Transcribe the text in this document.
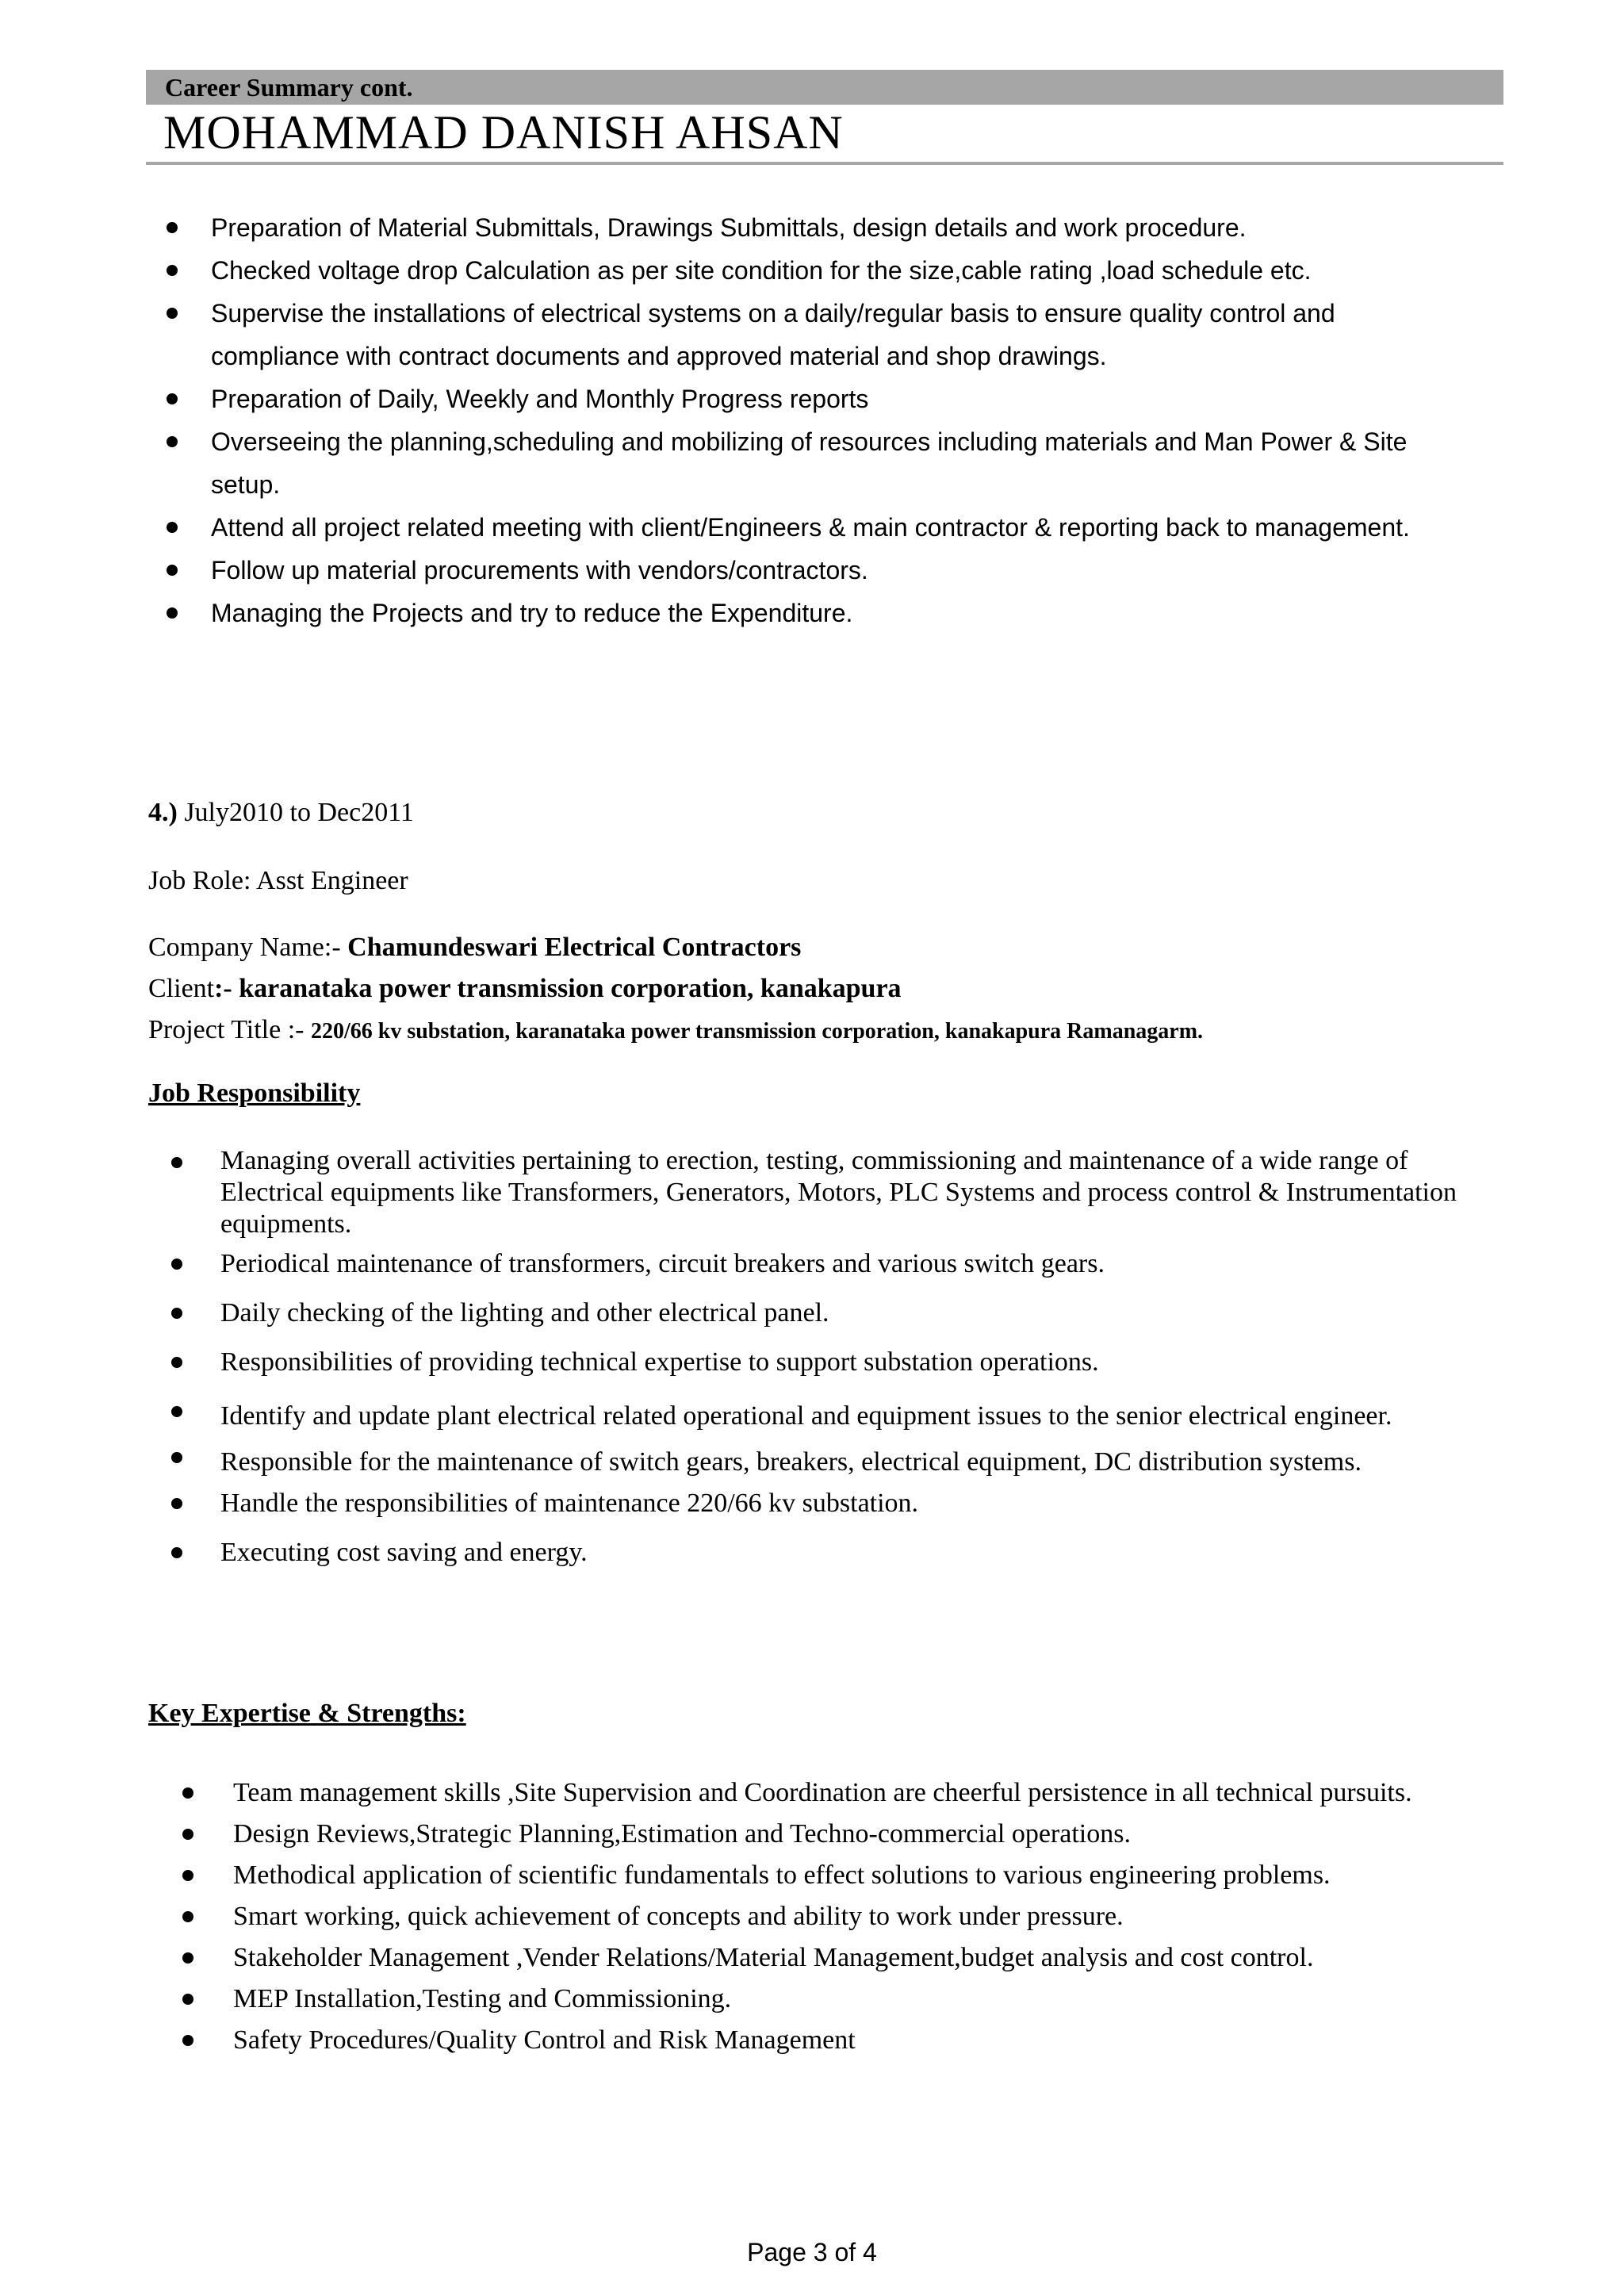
Career Summary cont.
MOHAMMAD DANISH AHSAN
Preparation of Material Submittals, Drawings Submittals, design details and work procedure.
Checked voltage drop Calculation as per site condition for the size,cable rating ,load schedule etc.
Supervise the installations of electrical systems on a daily/regular basis to ensure quality control and compliance with contract documents and approved material and shop drawings.
Preparation of Daily, Weekly and Monthly Progress reports
Overseeing the planning,scheduling and mobilizing of resources including materials and Man Power & Site setup.
Attend all project related meeting with client/Engineers & main contractor & reporting back to management.
Follow up material procurements with vendors/contractors.
Managing the Projects and try to reduce the Expenditure.
4.) July2010 to Dec2011
Job Role: Asst Engineer
Company Name:- Chamundeswari Electrical Contractors
Client:- karanataka power transmission corporation, kanakapura
Project Title :- 220/66 kv substation, karanataka power transmission corporation, kanakapura Ramanagarm.
Job Responsibility
Managing overall activities pertaining to erection, testing, commissioning and maintenance of a wide range of Electrical equipments like Transformers, Generators, Motors, PLC Systems and process control & Instrumentation equipments.
Periodical maintenance of transformers, circuit breakers and various switch gears.
Daily checking of the lighting and other electrical panel.
Responsibilities of providing technical expertise to support substation operations.
Identify and update plant electrical related operational and equipment issues to the senior electrical engineer.
Responsible for the maintenance of switch gears, breakers, electrical equipment, DC distribution systems.
Handle the responsibilities of maintenance 220/66 kv substation.
Executing cost saving and energy.
Key Expertise & Strengths:
Team management skills ,Site Supervision and Coordination are cheerful persistence in all technical pursuits.
Design Reviews,Strategic Planning,Estimation and Techno-commercial operations.
Methodical application of scientific fundamentals to effect solutions to various engineering problems.
Smart working, quick achievement of concepts and ability to work under pressure.
Stakeholder Management ,Vender Relations/Material Management,budget analysis and cost control.
MEP Installation,Testing and Commissioning.
Safety Procedures/Quality Control and Risk Management
Page 3 of 4
